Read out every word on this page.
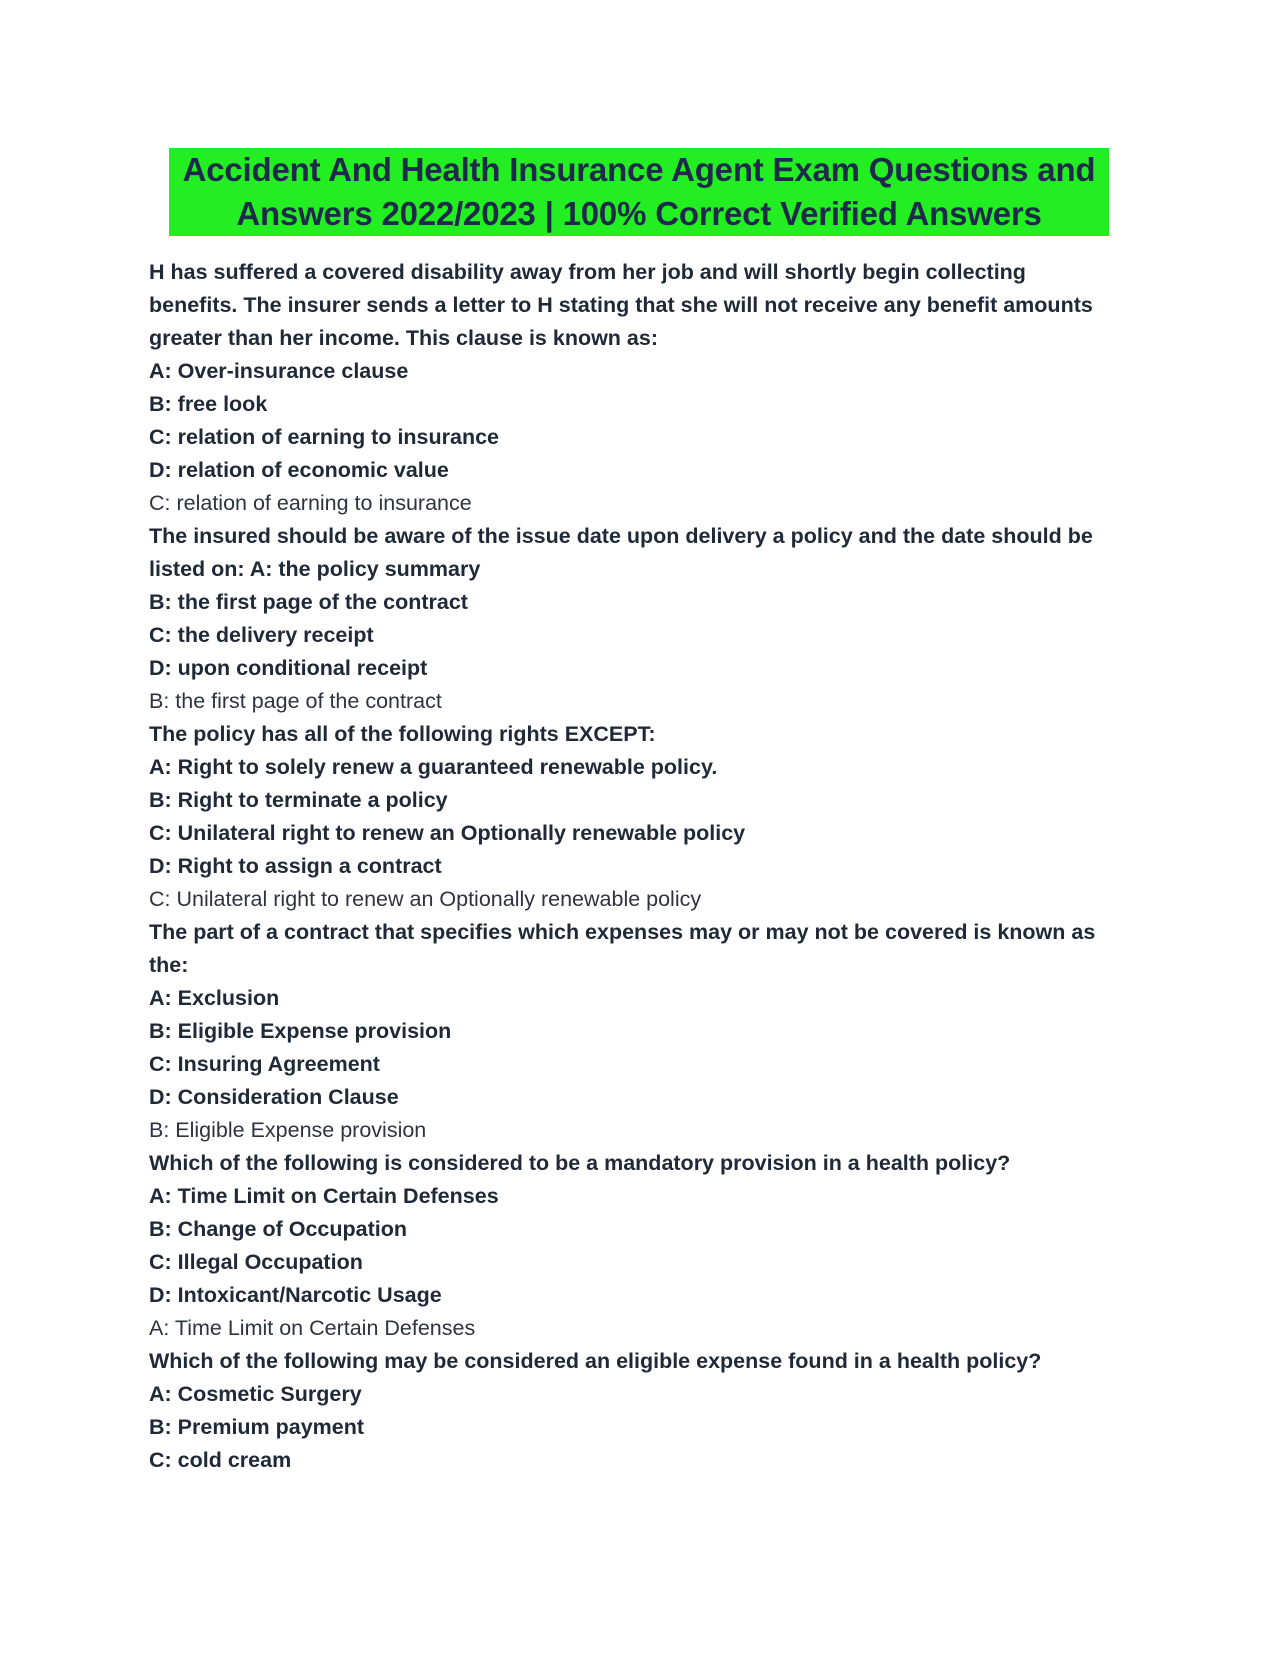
Accident And Health Insurance Agent Exam Questions and
Answers 2022/2023 | 100% Correct Verified Answers
H has suffered a covered disability away from her job and will shortly begin collecting
benefits. The insurer sends a letter to H stating that she will not receive any benefit amounts
greater than her income. This clause is known as:
A: Over-insurance clause
B: free look
C: relation of earning to insurance
D: relation of economic value
C: relation of earning to insurance
The insured should be aware of the issue date upon delivery a policy and the date should be
listed on: A: the policy summary
B: the first page of the contract
C: the delivery receipt
D: upon conditional receipt
B: the first page of the contract
The policy has all of the following rights EXCEPT:
A: Right to solely renew a guaranteed renewable policy.
B: Right to terminate a policy
C: Unilateral right to renew an Optionally renewable policy
D: Right to assign a contract
C: Unilateral right to renew an Optionally renewable policy
The part of a contract that specifies which expenses may or may not be covered is known as
the:
A: Exclusion
B: Eligible Expense provision
C: Insuring Agreement
D: Consideration Clause
B: Eligible Expense provision
Which of the following is considered to be a mandatory provision in a health policy?
A: Time Limit on Certain Defenses
B: Change of Occupation
C: Illegal Occupation
D: Intoxicant/Narcotic Usage
A: Time Limit on Certain Defenses
Which of the following may be considered an eligible expense found in a health policy?
A: Cosmetic Surgery
B: Premium payment
C: cold cream
